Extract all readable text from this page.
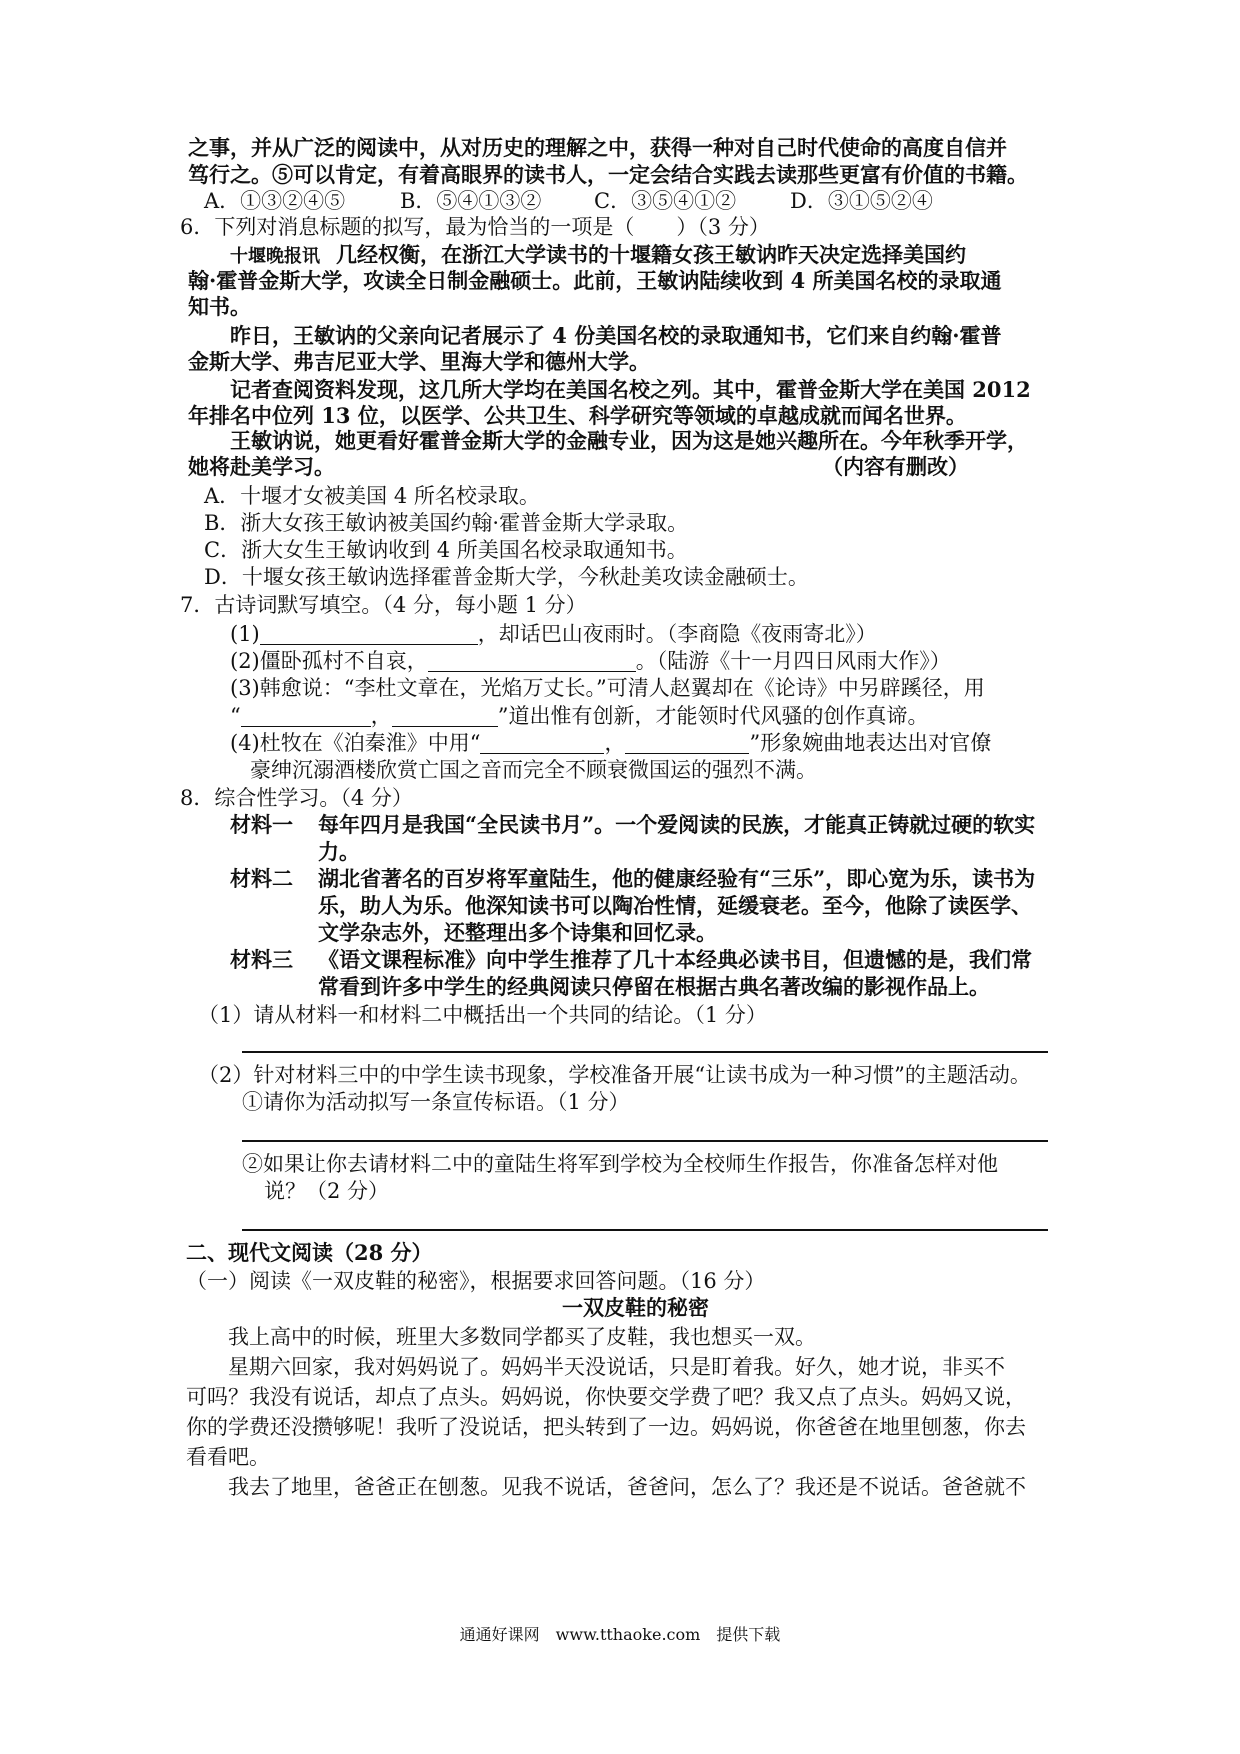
之事，并从广泛的阅读中，从对历史的理解之中，获得一种对自己时代使命的高度自信并
笃行之。⑤可以肯定，有着高眼界的读书人，一定会结合实践去读那些更富有价值的书籍。
A．①③②④⑤	B．⑤④①③②	C．③⑤④①②	D．③①⑤②④
6．下列对消息标题的拟写，最为恰当的一项是（　　）（3 分）
十堰晚报讯 几经权衡，在浙江大学读书的十堰籍女孩王敏讷昨天决定选择美国约
翰·霍普金斯大学，攻读全日制金融硕士。此前，王敏讷陆续收到 4 所美国名校的录取通
知书。
昨日，王敏讷的父亲向记者展示了 4 份美国名校的录取通知书，它们来自约翰·霍普
金斯大学、弗吉尼亚大学、里海大学和德州大学。
记者查阅资料发现，这几所大学均在美国名校之列。其中，霍普金斯大学在美国 2012
年排名中位列 13 位，以医学、公共卫生、科学研究等领域的卓越成就而闻名世界。
王敏讷说，她更看好霍普金斯大学的金融专业，因为这是她兴趣所在。今年秋季开学，
她将赴美学习。	（内容有删改）
A．十堰才女被美国 4 所名校录取。
B．浙大女孩王敏讷被美国约翰·霍普金斯大学录取。
C．浙大女生王敏讷收到 4 所美国名校录取通知书。
D．十堰女孩王敏讷选择霍普金斯大学，今秋赴美攻读金融硕士。
7．古诗词默写填空。（4 分，每小题 1 分）
(1)	，却话巴山夜雨时。（李商隐《夜雨寄北》）
(2)僵卧孤村不自哀，	。（陆游《十一月四日风雨大作》）
(3)韩愈说：“李杜文章在，光焰万丈长。”可清人赵翼却在《论诗》中另辟蹊径，用
“	，	”道出惟有创新，才能领时代风骚的创作真谛。
(4)杜牧在《泊秦淮》中用“	，	”形象婉曲地表达出对官僚
豪绅沉溺酒楼欣赏亡国之音而完全不顾衰微国运的强烈不满。
8．综合性学习。（4 分）
材料一 每年四月是我国“全民读书月”。一个爱阅读的民族，才能真正铸就过硬的软实
力。
材料二 湖北省著名的百岁将军童陆生，他的健康经验有“三乐”，即心宽为乐，读书为
乐，助人为乐。他深知读书可以陶冶性情，延缓衰老。至今，他除了读医学、
文学杂志外，还整理出多个诗集和回忆录。
材料三 《语文课程标准》向中学生推荐了几十本经典必读书目，但遗憾的是，我们常
常看到许多中学生的经典阅读只停留在根据古典名著改编的影视作品上。
（1）请从材料一和材料二中概括出一个共同的结论。（1 分）
（2）针对材料三中的中学生读书现象，学校准备开展“让读书成为一种习惯”的主题活动。
①请你为活动拟写一条宣传标语。（1 分）
②如果让你去请材料二中的童陆生将军到学校为全校师生作报告，你准备怎样对他
说？（2 分）
二、现代文阅读（28 分）
（一）阅读《一双皮鞋的秘密》，根据要求回答问题。（16 分）
一双皮鞋的秘密
我上高中的时候，班里大多数同学都买了皮鞋，我也想买一双。
星期六回家，我对妈妈说了。妈妈半天没说话，只是盯着我。好久，她才说，非买不
可吗？我没有说话，却点了点头。妈妈说，你快要交学费了吧？我又点了点头。妈妈又说，
你的学费还没攒够呢！我听了没说话，把头转到了一边。妈妈说，你爸爸在地里刨葱，你去
看看吧。
我去了地里，爸爸正在刨葱。见我不说话，爸爸问，怎么了？我还是不说话。爸爸就不
通通好课网　www.tthaoke.com　提供下载
